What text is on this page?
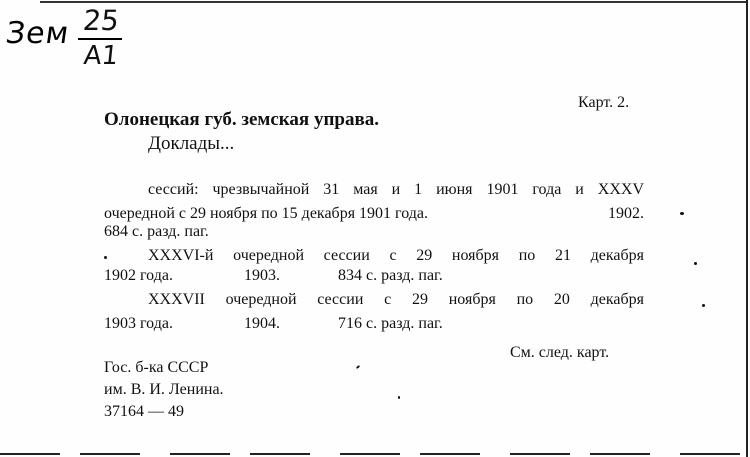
Зем 25
А1
Карт. 2.
Олонецкая губ. земская управа.
Доклады...
сессий: чрезвычайной 31 мая и 1 июня 1901 года и XXXV
очередной с 29 ноября по 15 декабря 1901 года.	1902.
684 с. разд. паг.
XXXVI-й очередной сессии с 29 ноября по 21 декабря
1902 года.	1903.	834 с. разд. паг.
XXXVII очередной сессии с 29 ноября по 20 декабря
1903 года.	1904.	716 с. разд. паг.
См. след. карт.
Гос. б-ка СССР
им. В. И. Ленина.
37164 — 49
